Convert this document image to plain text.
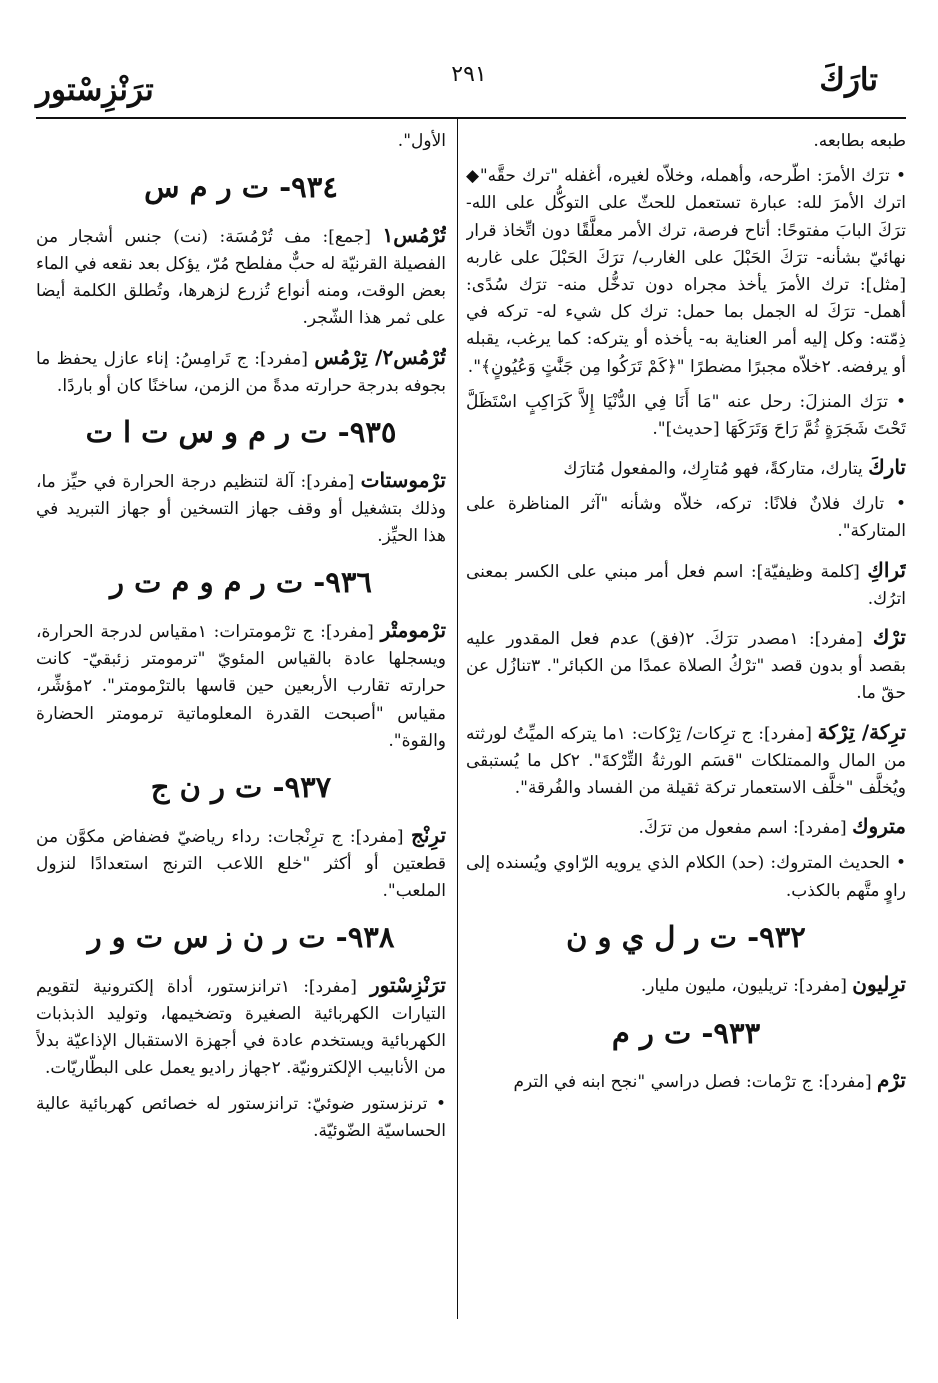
ترَنْزِسْتور	٢٩١	تارَكَ

طبعه بطابعه.

• ترَك الأمرَ: اطّرحه، وأهمله، وخلاّه لغيره، أغفله "ترك حقَّه"◆ اترك الأمرَ لله: عبارة تستعمل للحثّ على التوكُّل على الله- ترَكَ البابَ مفتوحًا: أتاح فرصة، ترك الأمر معلَّقًا دون اتِّخاذ قرار نهائيّ بشأنه- ترَكَ الحَبْلَ على الغارب/ ترَكَ الحَبْلَ على غاربه [مثل]: ترك الأمرَ يأخذ مجراه دون تدخُّل منه- ترَك سُدًى: أهمل- ترَكَ له الجمل بما حمل: ترك كل شيء له- تركه في ذِمّته: وكل إليه أمر العناية به- يأخذه أو يتركه: كما يرغب، يقبله أو يرفضه. ٢خلاّه مجبرًا مضطرًا "﴿كَمْ تَرَكُوا مِن جَنَّٰتٍ وَعُيُونٍ﴾".

• ترَك المنزلَ: رحل عنه "مَا أَنَا فِي الدُّنْيَا إِلاَّ كَرَاكِبٍ اسْتَظَلَّ تَحْتَ شَجَرَةٍ ثُمَّ رَاحَ وَتَرَكَهَا [حديث]".

تاركَ يتارك، متاركةً، فهو مُتارِك، والمفعول مُتارَك

• تارك فلانٌ فلانًا: تركه، خلاّه وشأنه "آثر المناظرة على المتاركة".

تَراكِ [كلمة وظيفيّة]: اسم فعل أمر مبني على الكسر بمعنى اترُك.

ترْك [مفرد]: ١مصدر ترَكَ. ٢(فق) عدم فعل المقدور عليه بقصد أو بدون قصد "ترْكُ الصلاة عمدًا من الكبائر". ٣تنازُل عن حقّ ما.

ترِكة/ تِرْكة [مفرد]: ج ترِكات/ تِرْكات: ١ما يتركه الميِّتُ لورثته من المال والممتلكات "قسَم الورثةُ التِّرْكةَ". ٢كل ما يُستبقى ويُخلَّف "خلَّف الاستعمار تركة ثقيلة من الفساد والفُرقة".

متروك [مفرد]: اسم مفعول من ترَكَ.

• الحديث المتروك: (حد) الكلام الذي يرويه الرّاوي ويُسنده إلى راوٍ متَّهم بالكذب.

٩٣٢- ت ر ل ي و ن

ترِليون [مفرد]: تريليون، مليون مليار.

٩٣٣- ت ر م

ترْم [مفرد]: ج ترْمات: فصل دراسي "نجح ابنه في الترم

الأول".

٩٣٤- ت ر م س

تُرْمُس١ [جمع]: مف تُرْمُسَة: (نت) جنس أشجار من الفصيلة القرنيّة له حبٌّ مفلطح مُرّ، يؤكل بعد نقعه في الماء بعض الوقت، ومنه أنواع تُزرع لزهرها، وتُطلق الكلمة أيضا على ثمر هذا الشّجر.

تُرْمُس٢/ تِرْمُس [مفرد]: ج تَرامِسُ: إناء عازل يحفظ ما بجوفه بدرجة حرارته مدةً من الزمن، ساخنًا كان أو باردًا.

٩٣٥- ت ر م و س ت ا ت

ترْموستات [مفرد]: آلة لتنظيم درجة الحرارة في حيِّز ما، وذلك بتشغيل أو وقف جهاز التسخين أو جهاز التبريد في هذا الحيِّز.

٩٣٦- ت ر م و م ت ر

ترْمومتْر [مفرد]: ج ترْمومترات: ١مقياس لدرجة الحرارة، ويسجلها عادة بالقياس المئويّ "ترمومتر زئبقيّ- كانت حرارته تقارب الأربعين حين قاسها بالترْمومتر". ٢مؤشِّر، مقياس "أصبحت القدرة المعلوماتية ترمومتر الحضارة والقوة".

٩٣٧- ت ر ن ج

ترِنْج [مفرد]: ج ترِنْجات: رداء رياضيّ فضفاض مكوَّن من قطعتين أو أكثر "خلع اللاعب الترنج استعدادًا لنزول الملعب".

٩٣٨- ت ر ن ز س ت و ر

ترَنْزِسْتور [مفرد]: ١ترانزستور، أداة إلكترونية لتقويم التيارات الكهربائية الصغيرة وتضخيمها، وتوليد الذبذبات الكهربائية ويستخدم عادة في أجهزة الاستقبال الإذاعيّة بدلاً من الأنابيب الإلكترونيّة. ٢جهاز راديو يعمل على البطّاريّات.

• ترنزستور ضوئيّ: ترانزستور له خصائص كهربائية عالية الحساسيّة الضّوئيّة.
